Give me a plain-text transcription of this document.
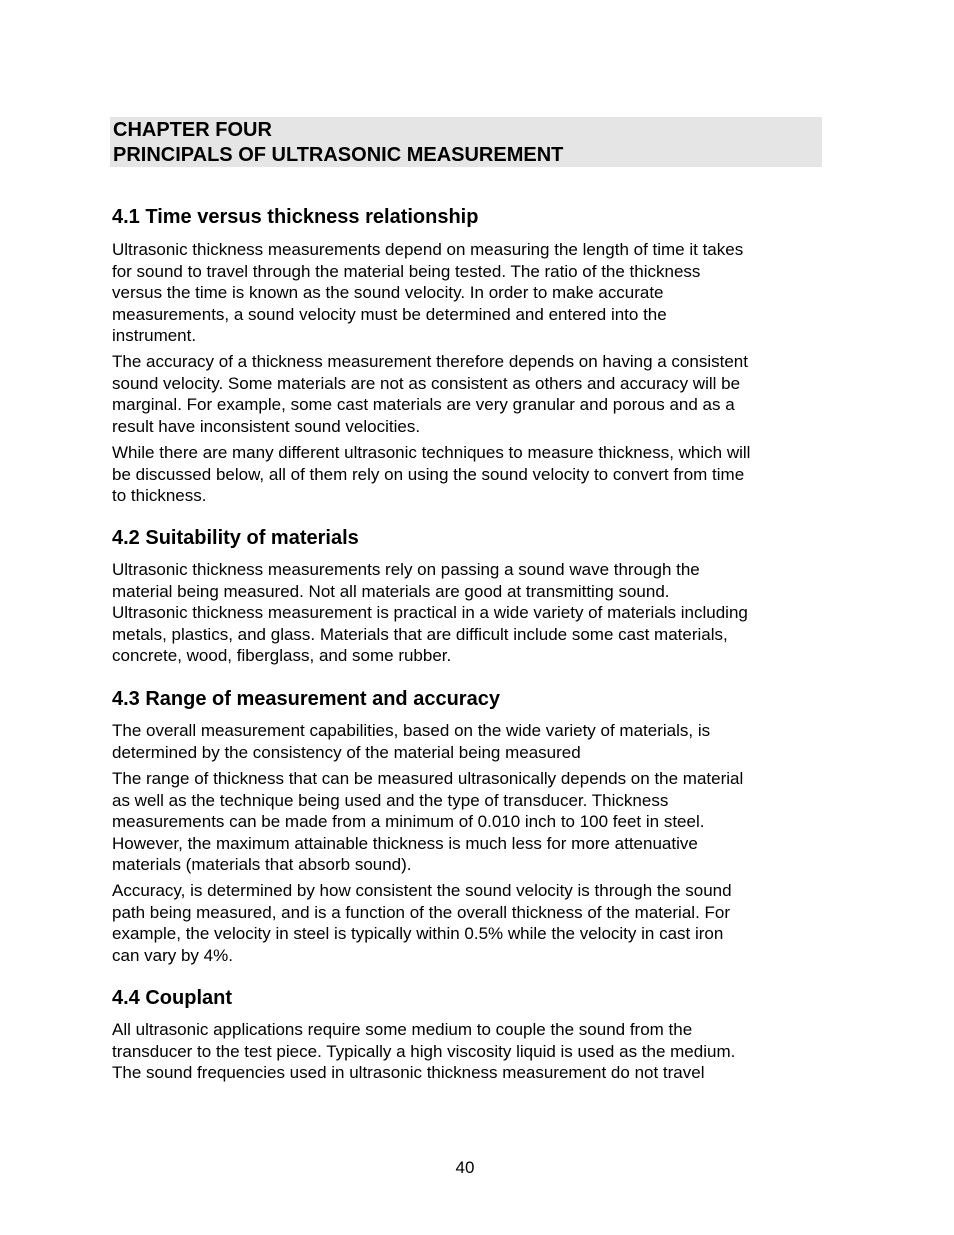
CHAPTER FOUR
PRINCIPALS OF ULTRASONIC MEASUREMENT
4.1 Time versus thickness relationship
Ultrasonic thickness measurements depend on measuring the length of time it takes
for sound to travel through the material being tested. The ratio of the thickness
versus the time is known as the sound velocity. In order to make accurate
measurements, a sound velocity must be determined and entered into the
instrument.
The accuracy of a thickness measurement therefore depends on having a consistent
sound velocity. Some materials are not as consistent as others and accuracy will be
marginal. For example, some cast materials are very granular and porous and as a
result have inconsistent sound velocities.
While there are many different ultrasonic techniques to measure thickness, which will
be discussed below, all of them rely on using the sound velocity to convert from time
to thickness.
4.2 Suitability of materials
Ultrasonic thickness measurements rely on passing a sound wave through the
material being measured. Not all materials are good at transmitting sound.
Ultrasonic thickness measurement is practical in a wide variety of materials including
metals, plastics, and glass. Materials that are difficult include some cast materials,
concrete, wood, fiberglass, and some rubber.
4.3 Range of measurement and accuracy
The overall measurement capabilities, based on the wide variety of materials, is
determined by the consistency of the material being measured
The range of thickness that can be measured ultrasonically depends on the material
as well as the technique being used and the type of transducer. Thickness
measurements can be made from a minimum of 0.010 inch to 100 feet in steel.
However, the maximum attainable thickness is much less for more attenuative
materials (materials that absorb sound).
Accuracy, is determined by how consistent the sound velocity is through the sound
path being measured, and is a function of the overall thickness of the material. For
example, the velocity in steel is typically within 0.5% while the velocity in cast iron
can vary by 4%.
4.4 Couplant
All ultrasonic applications require some medium to couple the sound from the
transducer to the test piece. Typically a high viscosity liquid is used as the medium.
The sound frequencies used in ultrasonic thickness measurement do not travel
40
